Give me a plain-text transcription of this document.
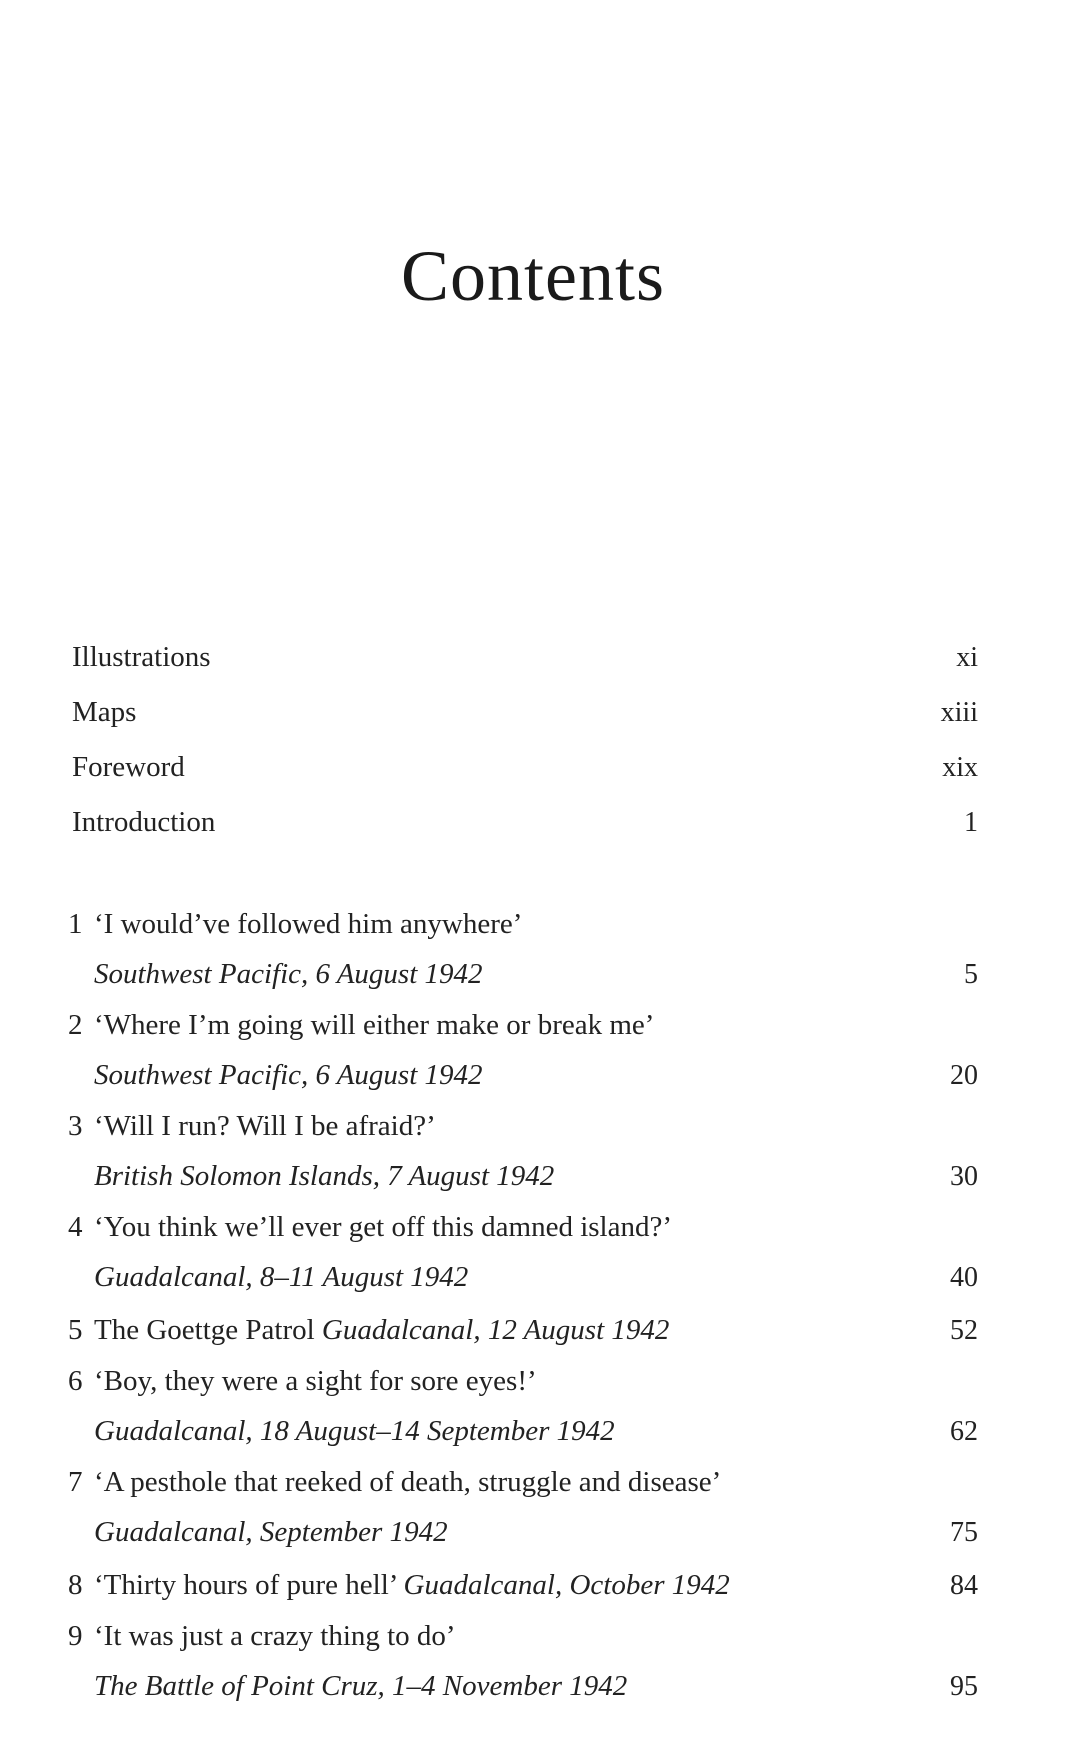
Contents
Illustrations	xi
Maps	xiii
Foreword	xix
Introduction	1
1 ‘I would’ve followed him anywhere’
Southwest Pacific, 6 August 1942	5
2 ‘Where I’m going will either make or break me’
Southwest Pacific, 6 August 1942	20
3 ‘Will I run? Will I be afraid?’
British Solomon Islands, 7 August 1942	30
4 ‘You think we’ll ever get off this damned island?’
Guadalcanal, 8–11 August 1942	40
5 The Goettge Patrol Guadalcanal, 12 August 1942	52
6 ‘Boy, they were a sight for sore eyes!’
Guadalcanal, 18 August–14 September 1942	62
7 ‘A pesthole that reeked of death, struggle and disease’
Guadalcanal, September 1942	75
8 ‘Thirty hours of pure hell’ Guadalcanal, October 1942	84
9 ‘It was just a crazy thing to do’
The Battle of Point Cruz, 1–4 November 1942	95
